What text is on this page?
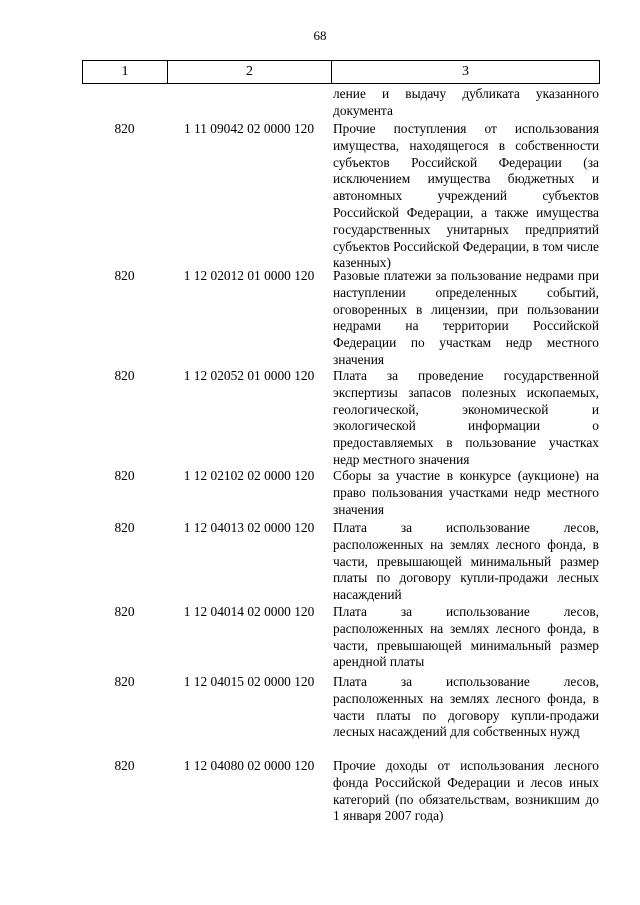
68
1	2	3
ление и выдачу дубликата указанного документа
820	1 11 09042 02 0000 120	Прочие поступления от использования имущества, находящегося в собственности субъектов Российской Федерации (за исключением имущества бюджетных и автономных учреждений субъектов Российской Федерации, а также имущества государственных унитарных предприятий субъектов Российской Федерации, в том числе казенных)
820	1 12 02012 01 0000 120	Разовые платежи за пользование недрами при наступлении определенных событий, оговоренных в лицензии, при пользовании недрами на территории Российской Федерации по участкам недр местного значения
820	1 12 02052 01 0000 120	Плата за проведение государственной экспертизы запасов полезных ископаемых, геологической, экономической и экологической информации о предоставляемых в пользование участках недр местного значения
820	1 12 02102 02 0000 120	Сборы за участие в конкурсе (аукционе) на право пользования участками недр местного значения
820	1 12 04013 02 0000 120	Плата за использование лесов, расположенных на землях лесного фонда, в части, превышающей минимальный размер платы по договору купли-продажи лесных насаждений
820	1 12 04014 02 0000 120	Плата за использование лесов, расположенных на землях лесного фонда, в части, превышающей минимальный размер арендной платы
820	1 12 04015 02 0000 120	Плата за использование лесов, расположенных на землях лесного фонда, в части платы по договору купли-продажи лесных насаждений для собственных нужд
820	1 12 04080 02 0000 120	Прочие доходы от использования лесного фонда Российской Федерации и лесов иных категорий (по обязательствам, возникшим до 1 января 2007 года)
